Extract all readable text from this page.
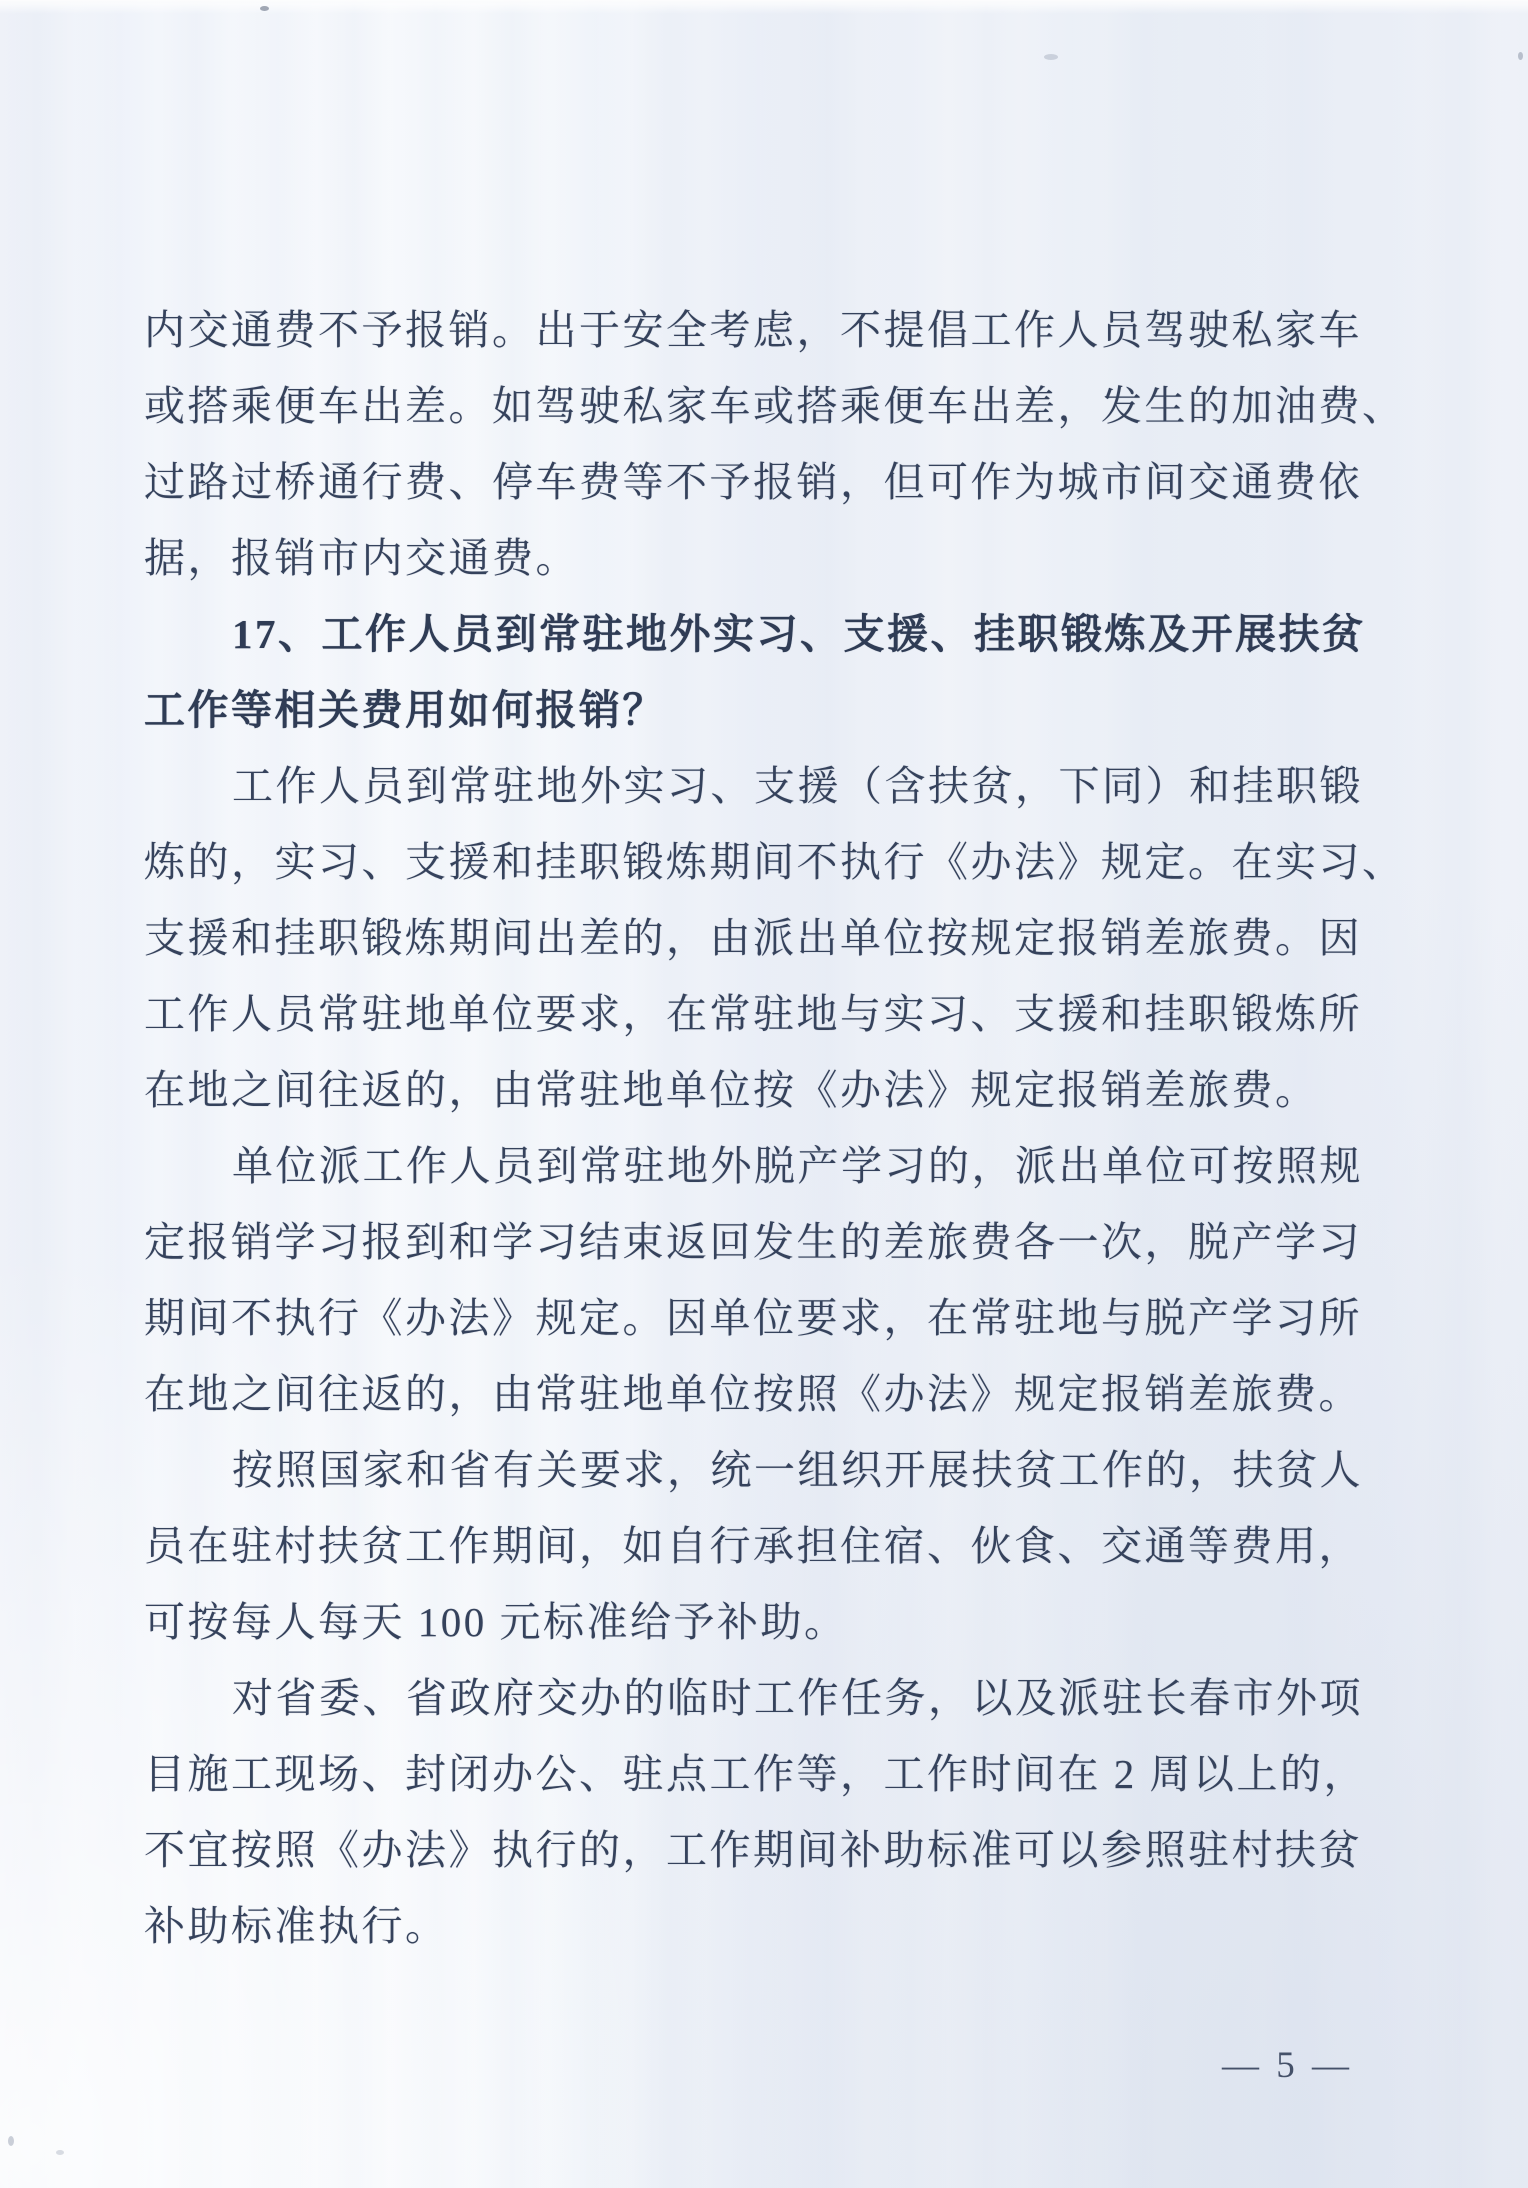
内交通费不予报销。出于安全考虑，不提倡工作人员驾驶私家车
或搭乘便车出差。如驾驶私家车或搭乘便车出差，发生的加油费、
过路过桥通行费、停车费等不予报销，但可作为城市间交通费依
据，报销市内交通费。
17、工作人员到常驻地外实习、支援、挂职锻炼及开展扶贫
工作等相关费用如何报销？
工作人员到常驻地外实习、支援（含扶贫，下同）和挂职锻
炼的，实习、支援和挂职锻炼期间不执行《办法》规定。在实习、
支援和挂职锻炼期间出差的，由派出单位按规定报销差旅费。因
工作人员常驻地单位要求，在常驻地与实习、支援和挂职锻炼所
在地之间往返的，由常驻地单位按《办法》规定报销差旅费。
单位派工作人员到常驻地外脱产学习的，派出单位可按照规
定报销学习报到和学习结束返回发生的差旅费各一次，脱产学习
期间不执行《办法》规定。因单位要求，在常驻地与脱产学习所
在地之间往返的，由常驻地单位按照《办法》规定报销差旅费。
按照国家和省有关要求，统一组织开展扶贫工作的，扶贫人
员在驻村扶贫工作期间，如自行承担住宿、伙食、交通等费用，
可按每人每天 100 元标准给予补助。
对省委、省政府交办的临时工作任务，以及派驻长春市外项
目施工现场、封闭办公、驻点工作等，工作时间在 2 周以上的，
不宜按照《办法》执行的，工作期间补助标准可以参照驻村扶贫
补助标准执行。
— 5 —
